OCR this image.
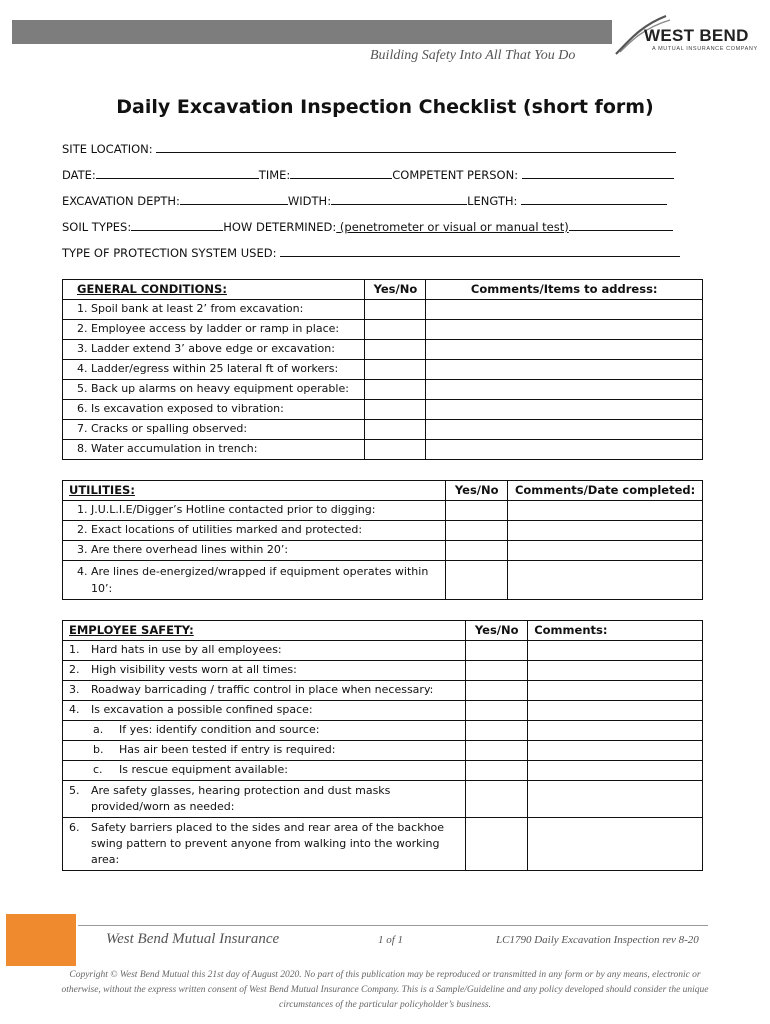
Building Safety Into All That You Do
WEST BEND
A MUTUAL INSURANCE COMPANY
Daily Excavation Inspection Checklist (short form)
SITE LOCATION:
DATE:	TIME:	COMPETENT PERSON:
EXCAVATION DEPTH:	WIDTH:	LENGTH:
SOIL TYPES:	HOW DETERMINED: (penetrometer or visual or manual test)
TYPE OF PROTECTION SYSTEM USED:
GENERAL CONDITIONS:	Yes/No	Comments/Items to address:
1. Spoil bank at least 2’ from excavation:		
2. Employee access by ladder or ramp in place:		
3. Ladder extend 3’ above edge or excavation:		
4. Ladder/egress within 25 lateral ft of workers:		
5. Back up alarms on heavy equipment operable:		
6. Is excavation exposed to vibration:		
7. Cracks or spalling observed:		
8. Water accumulation in trench:		
UTILITIES:	Yes/No	Comments/Date completed:
1. J.U.L.I.E/Digger’s Hotline contacted prior to digging:		
2. Exact locations of utilities marked and protected:		
3. Are there overhead lines within 20’:		

4. Are lines de-energized/wrapped if equipment operates within
10’:		

EMPLOYEE SAFETY:	Yes/No	Comments:
1. Hard hats in use by all employees:		
2. High visibility vests worn at all times:		
3. Roadway barricading / traffic control in place when necessary:		
4. Is excavation a possible confined space:		
a. If yes: identify condition and source:		
b. Has air been tested if entry is required:		
c. Is rescue equipment available:		

5. Are safety glasses, hearing protection and dust masks
provided/worn as needed:		

6. Safety barriers placed to the sides and rear area of the backhoe
swing pattern to prevent anyone from walking into the working
area:		

West Bend Mutual Insurance	1 of 1	LC1790 Daily Excavation Inspection rev 8-20
Copyright © West Bend Mutual this 21st day of August 2020. No part of this publication may be reproduced or transmitted in any form or by any means, electronic or
otherwise, without the express written consent of West Bend Mutual Insurance Company. This is a Sample/Guideline and any policy developed should consider the unique
circumstances of the particular policyholder’s business.
